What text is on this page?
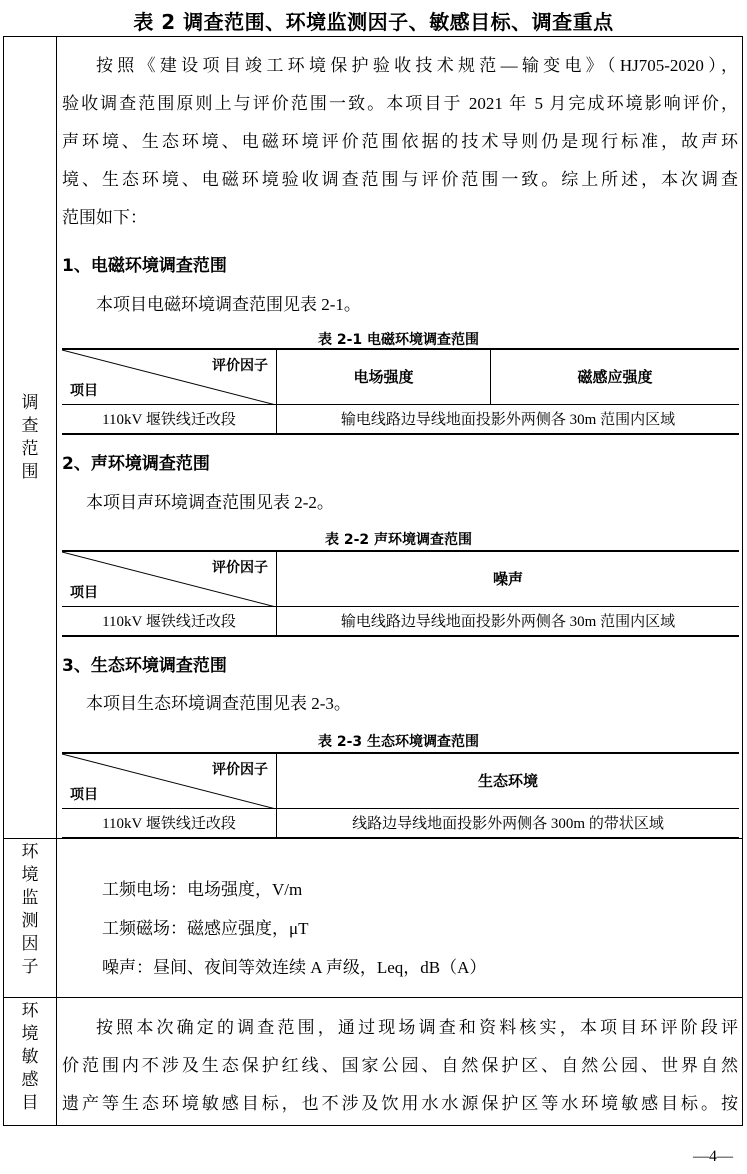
表 2 调查范围、环境监测因子、敏感目标、调查重点
调
查
范
围
按照《建设项目竣工环境保护验收技术规范—输变电》（HJ705-2020），
验收调查范围原则上与评价范围一致。本项目于 2021 年 5 月完成环境影响评价，
声环境、生态环境、电磁环境评价范围依据的技术导则仍是现行标准，故声环
境、生态环境、电磁环境验收调查范围与评价范围一致。综上所述，本次调查
范围如下：
1、电磁环境调查范围
本项目电磁环境调查范围见表 2-1。
表 2-1 电磁环境调查范围
评价因子
项目	电场强度	磁感应强度
110kV 堰铁线迁改段	输电线路边导线地面投影外两侧各 30m 范围内区域	
2、声环境调查范围
本项目声环境调查范围见表 2-2。
表 2-2 声环境调查范围
评价因子
项目	噪声
110kV 堰铁线迁改段	输电线路边导线地面投影外两侧各 30m 范围内区域
3、生态环境调查范围
本项目生态环境调查范围见表 2-3。
表 2-3 生态环境调查范围
评价因子
项目	生态环境
110kV 堰铁线迁改段	线路边导线地面投影外两侧各 300m 的带状区域
环
境
监
测
因
子
工频电场：电场强度，V/m
工频磁场：磁感应强度，μT
噪声：昼间、夜间等效连续 A 声级，Leq，dB（A）
环
境
敏
感
目
按照本次确定的调查范围，通过现场调查和资料核实，本项目环评阶段评
价范围内不涉及生态保护红线、国家公园、自然保护区、自然公园、世界自然
遗产等生态环境敏感目标，也不涉及饮用水水源保护区等水环境敏感目标。按
—4—
